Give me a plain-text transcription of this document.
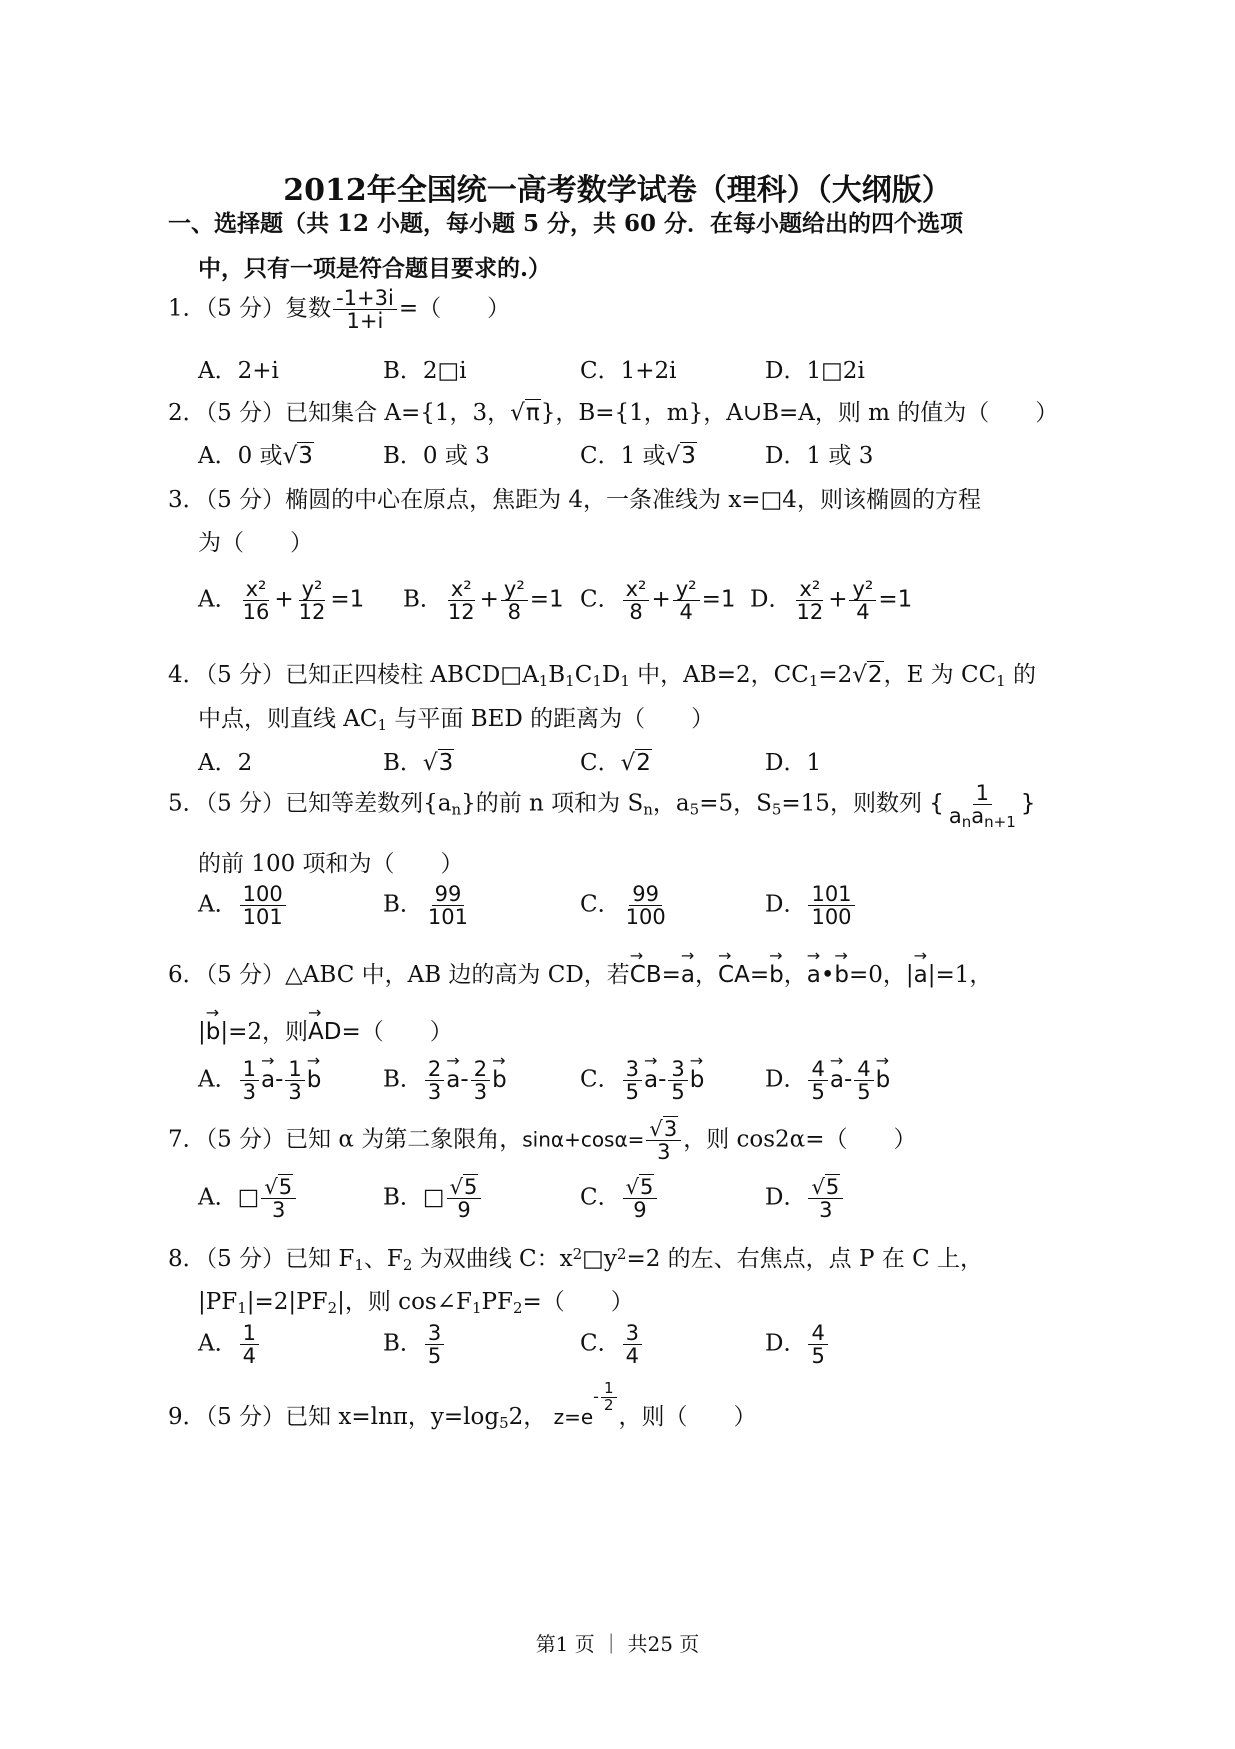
2012年全国统一高考数学试卷（理科）（大纲版）
一、选择题（共 12 小题，每小题 5 分，共 60 分．在每小题给出的四个选项
中，只有一项是符合题目要求的.）
1．（5 分）复数 $\frac{-1+3i}{1+i}$ =（　　）
A．2+i	B．2□i	C．1+2i	D．1□2i
2．（5 分）已知集合 A={1，3，√π}，B={1，m}，A∪B=A，则 m 的值为（　　）
A．0 或√3	B．0 或 3	C．1 或√3	D．1 或 3
3．（5 分）椭圆的中心在原点，焦距为 4，一条准线为 x=□4，则该椭圆的方程
为（　　）
A． $\frac{\text{x²}}{16} + \frac{\text{y²}}{12} =1$ B． $\frac{\text{x²}}{12} + \frac{\text{y²}}{8} =1$ C． $\frac{\text{x²}}{8} + \frac{\text{y²}}{4} =1$ D． $\frac{\text{x²}}{12} + \frac{\text{y²}}{4} =1$
4．（5 分）已知正四棱柱 $ABCD□A_1B_1C_1D_1$ 中，AB=2，$CC_1=2√2$，E 为 $CC_1$ 的
中点，则直线 $AC_1$ 与平面 BED 的距离为（　　）
A．2	B．√3	C．√2	D．1
5．（5 分）已知等差数列$\{a_n\}$的前 n 项和为 $S_n$，$a_5=5$，$S_5=15$，则数列 { $\frac{1}{a_na_{n+1}}$ }
的前 100 项和为（　　）
A． $\frac{100}{101}$	B． $\frac{99}{101}$	C． $\frac{99}{100}$	D． $\frac{101}{100}$
6．（5 分）△ABC 中，AB 边的高为 CD，若→ CB=→ a，→ CA=→ b，→ a•→ b=0，|→ a|=1，
|→ b|=2，则→ AD=（　　）
A． $\frac{1}{3}$
→ $a- \frac{1}{3}$
→ b	B． $\frac{2}{3}$
→ $a- \frac{2}{3}$
→ b	C． $\frac{3}{5}$
→ $a- \frac{3}{5}$
→ b	D． $\frac{4}{5}$
→ $a- \frac{4}{5}$
→ b
7．（5 分）已知 α 为第二象限角，$\sin\alpha+\cos\alpha= \frac{√3}{3}$ ，则 cos2α=（　　）
A．□ $\frac{√5}{3}$	B．□ $\frac{√5}{9}$	C． $\frac{√5}{9}$	D． $\frac{√5}{3}$
8．（5 分）已知 $F_1$、$F_2$ 为双曲线 C：$x^2□y^2=2$ 的左、右焦点，点 P 在 C 上，
$|PF_1|=2|PF_2|$，则 $\cos\angle F_1PF_2=$（　　）
A． $\frac{1}{4}$	B． $\frac{3}{5}$	C． $\frac{3}{4}$	D． $\frac{4}{5}$
9．（5 分）已知 x=lnπ，$y=\log_52$， $z=e- \frac{1}{2}$
，则（　　）
第1 页 ｜ 共25 页
